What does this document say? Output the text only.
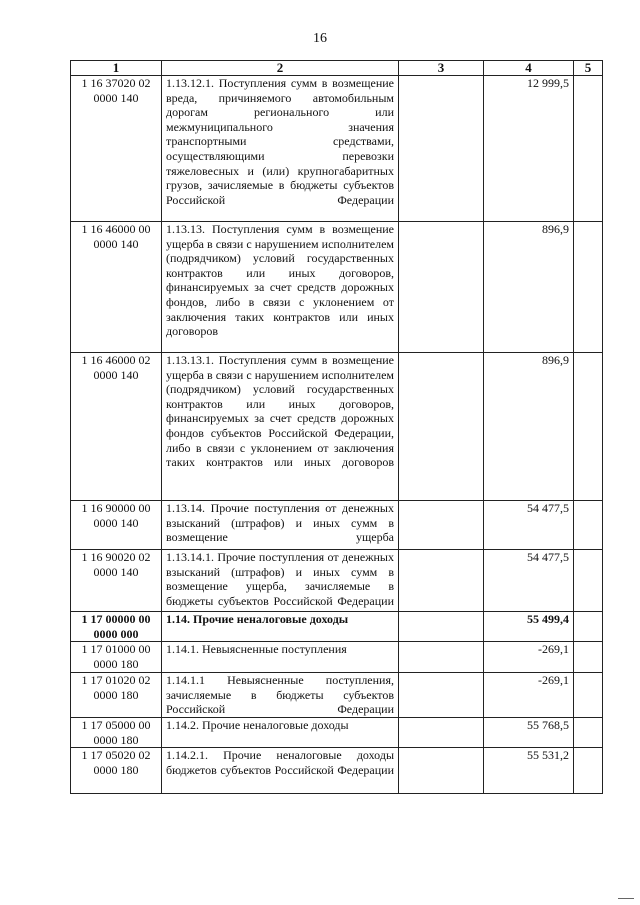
16
1	2	3	4	5
1 16 37020 02 0000 140	1.13.12.1. Поступления сумм в возмещение вреда, причиняемого автомобильным дорогам регионального или межмуниципального значения транспортными средствами, осуществляющими перевозки тяжеловесных и (или) крупногабаритных грузов, зачисляемые в бюджеты субъектов Российской Федерации		12 999,5	
1 16 46000 00 0000 140	1.13.13. Поступления сумм в возмещение ущерба в связи с нарушением исполнителем (подрядчиком) условий государственных контрактов или иных договоров, финансируемых за счет средств дорожных фондов, либо в связи с уклонением от заключения таких контрактов или иных договоров		896,9	
1 16 46000 02 0000 140	1.13.13.1. Поступления сумм в возмещение ущерба в связи с нарушением исполнителем (подрядчиком) условий государственных контрактов или иных договоров, финансируемых за счет средств дорожных фондов субъектов Российской Федерации, либо в связи с уклонением от заключения таких контрактов или иных договоров		896,9	
1 16 90000 00 0000 140	1.13.14. Прочие поступления от денежных взысканий (штрафов) и иных сумм в возмещение ущерба		54 477,5	
1 16 90020 02 0000 140	1.13.14.1. Прочие поступления от денежных взысканий (штрафов) и иных сумм в возмещение ущерба, зачисляемые в бюджеты субъектов Российской Федерации		54 477,5	
1 17 00000 00 0000 000	1.14. Прочие неналоговые доходы		55 499,4	
1 17 01000 00 0000 180	1.14.1. Невыясненные поступления		-269,1	
1 17 01020 02 0000 180	1.14.1.1 Невыясненные поступления, зачисляемые в бюджеты субъектов Российской Федерации		-269,1	
1 17 05000 00 0000 180	1.14.2. Прочие неналоговые доходы		55 768,5	
1 17 05020 02 0000 180	1.14.2.1. Прочие неналоговые доходы бюджетов субъектов Российской Федерации		55 531,2	
